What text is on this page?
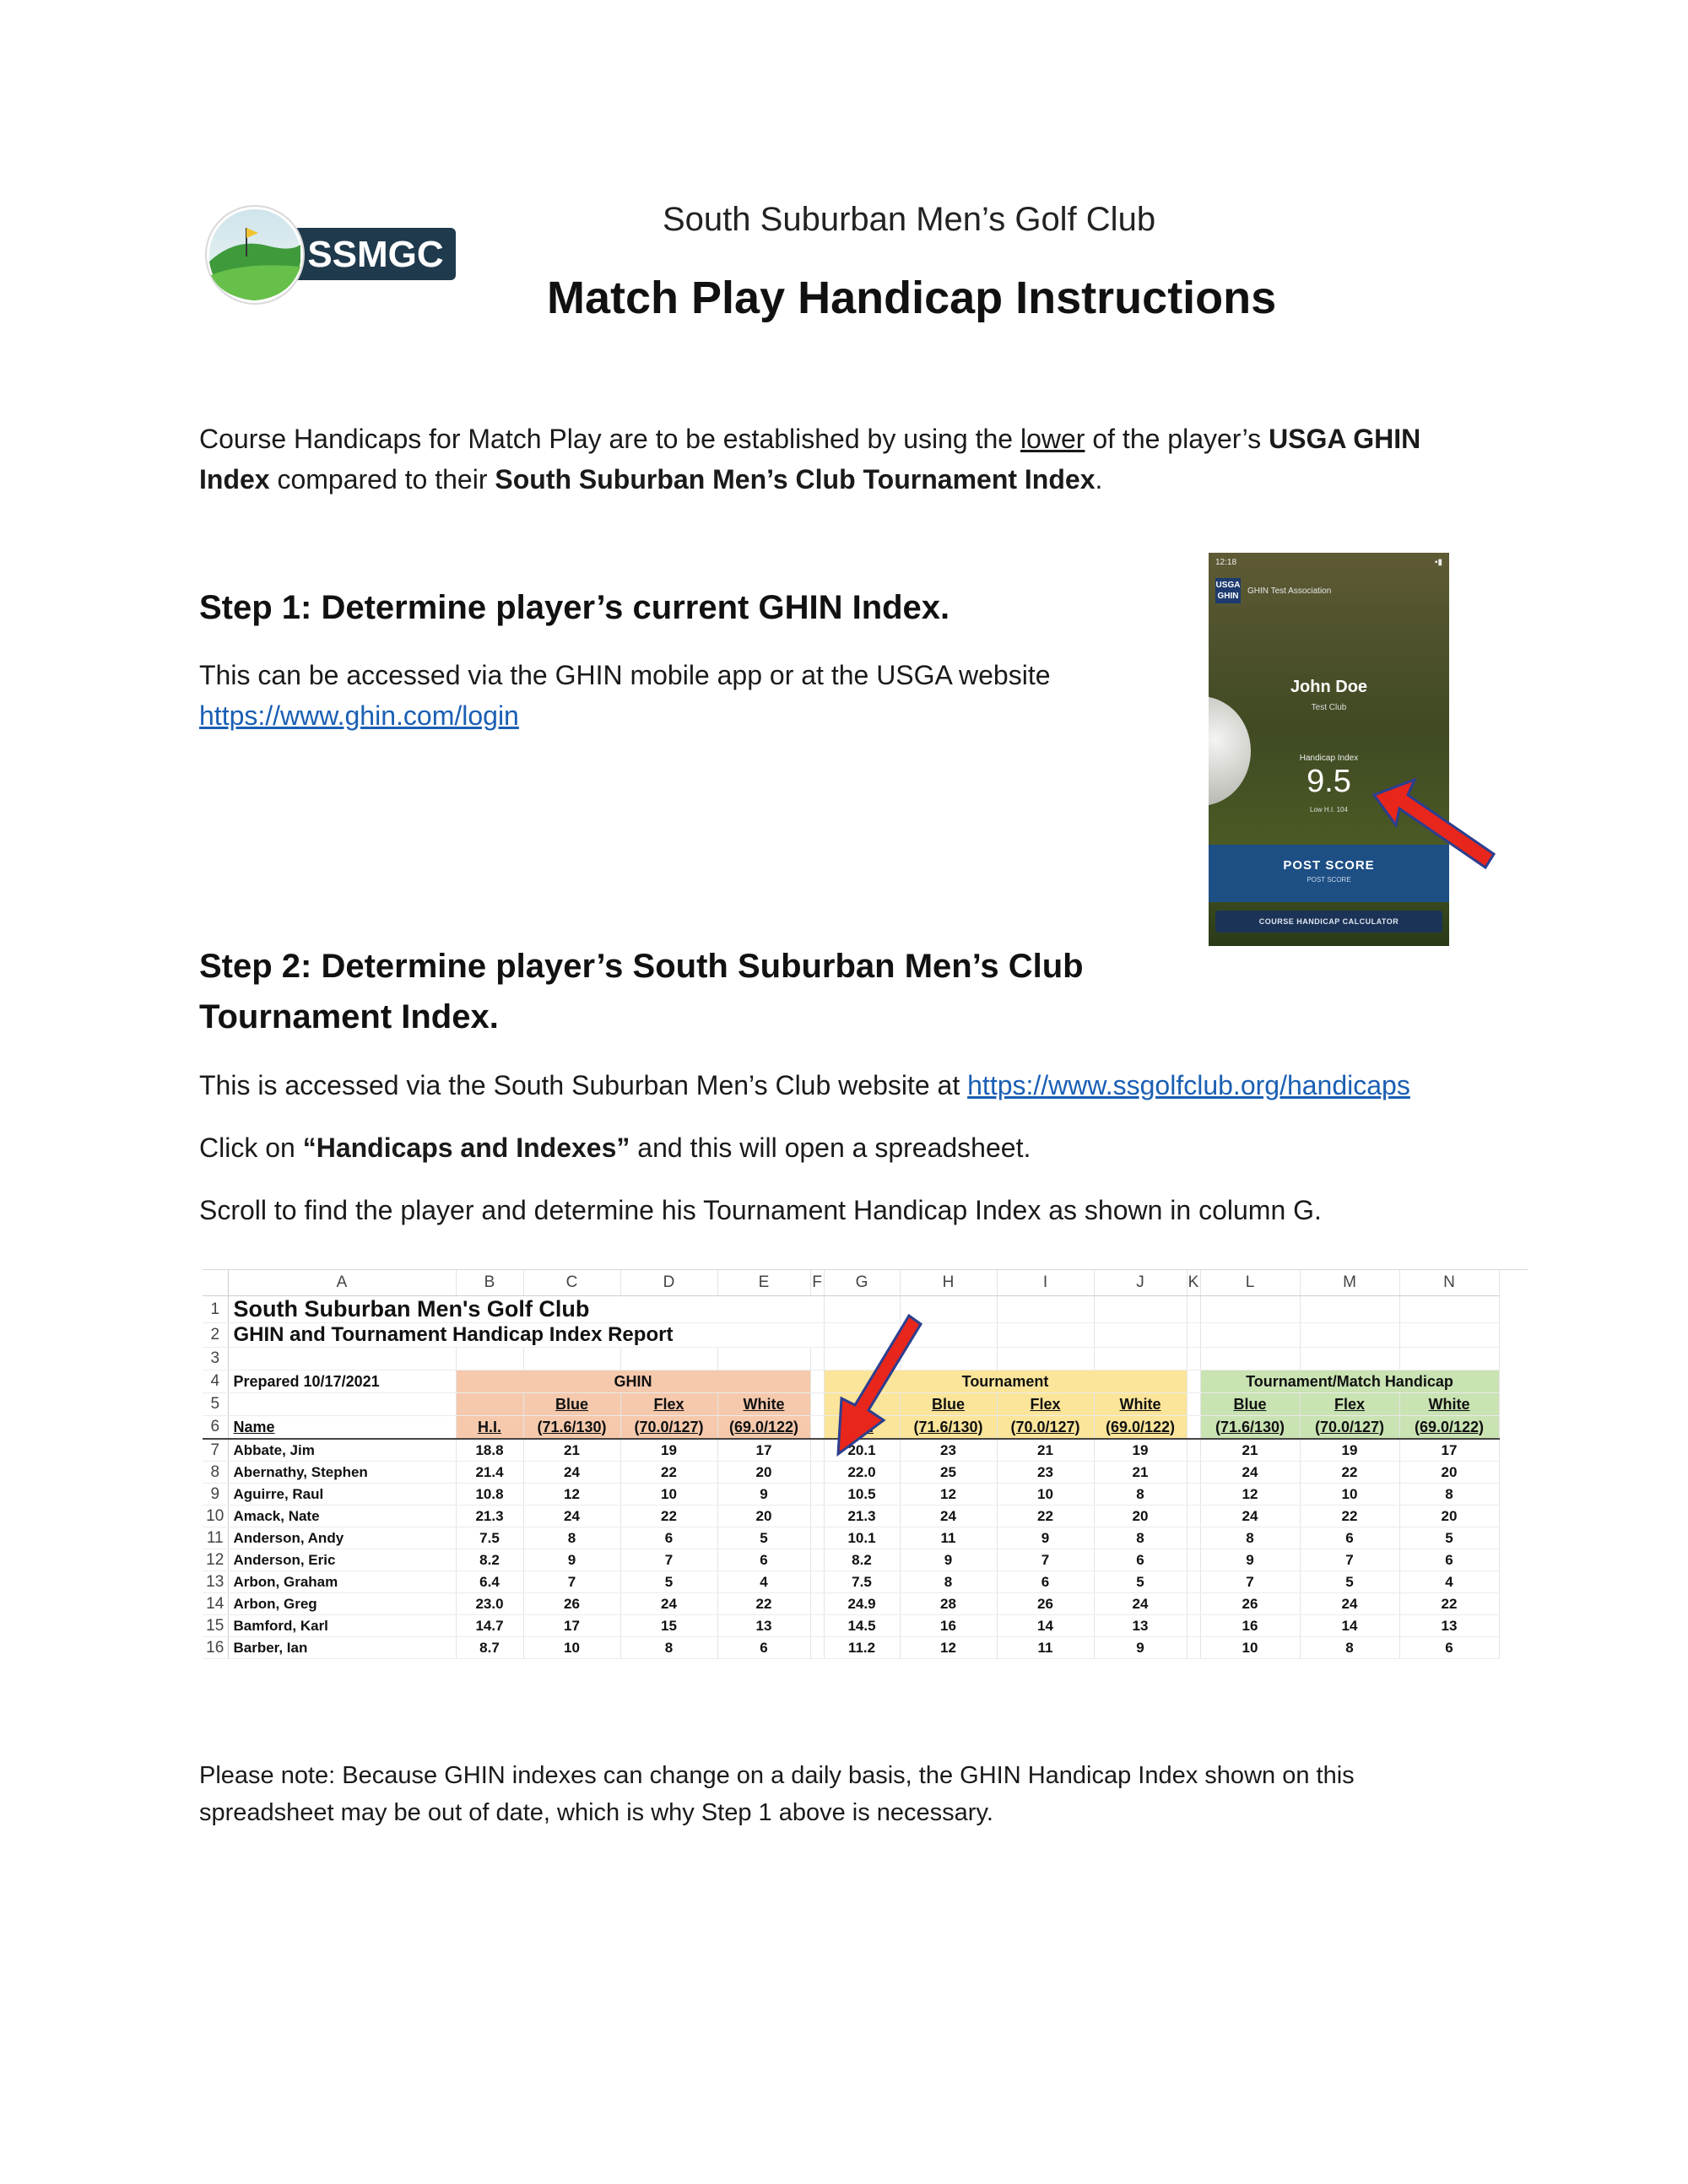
SSMGC
South Suburban Men’s Golf Club
Match Play Handicap Instructions
Course Handicaps for Match Play are to be established by using the lower of the player’s USGA GHIN Index compared to their South Suburban Men’s Club Tournament Index.
Step 1: Determine player’s current GHIN Index.
This can be accessed via the GHIN mobile app or at the USGA website
https://www.ghin.com/login
12:18	▪︎▮
USGA GHIN
GHIN Test Association
John Doe
Test Club
Handicap Index
9.5
Low H.I. 104
POST SCORE
POST SCORE
COURSE HANDICAP CALCULATOR
Step 2: Determine player’s South Suburban Men’s Club Tournament Index.
This is accessed via the South Suburban Men’s Club website at https://www.ssgolfclub.org/handicaps
Click on “Handicaps and Indexes” and this will open a spreadsheet.
Scroll to find the player and determine his Tournament Handicap Index as shown in column G.
	A	B	C	D	E	F	G	H	I	J	K	L	M	N
1	South Suburban Men's Golf Club													
2	GHIN and Tournament Handicap Index Report													
3														
4	Prepared 10/17/2021	GHIN					Tournament					Tournament/Match Handicap		
5			Blue	Flex	White			Blue	Flex	White		Blue	Flex	White
6	Name	H.I.	(71.6/130)	(70.0/127)	(69.0/122)			(71.6/130)	(70.0/127)	(69.0/122)		(71.6/130)	(70.0/127)	(69.0/122)
7	Abbate, Jim	18.8	21	19	17		20.1	23	21	19		21	19	17
8	Abernathy, Stephen	21.4	24	22	20		22.0	25	23	21		24	22	20
9	Aguirre, Raul	10.8	12	10	9		10.5	12	10	8		12	10	8
10	Amack, Nate	21.3	24	22	20		21.3	24	22	20		24	22	20
11	Anderson, Andy	7.5	8	6	5		10.1	11	9	8		8	6	5
12	Anderson, Eric	8.2	9	7	6		8.2	9	7	6		9	7	6
13	Arbon, Graham	6.4	7	5	4		7.5	8	6	5		7	5	4
14	Arbon, Greg	23.0	26	24	22		24.9	28	26	24		26	24	22
15	Bamford, Karl	14.7	17	15	13		14.5	16	14	13		16	14	13
16	Barber, Ian	8.7	10	8	6		11.2	12	11	9		10	8	6
Please note: Because GHIN indexes can change on a daily basis, the GHIN Handicap Index shown on this spreadsheet may be out of date, which is why Step 1 above is necessary.
